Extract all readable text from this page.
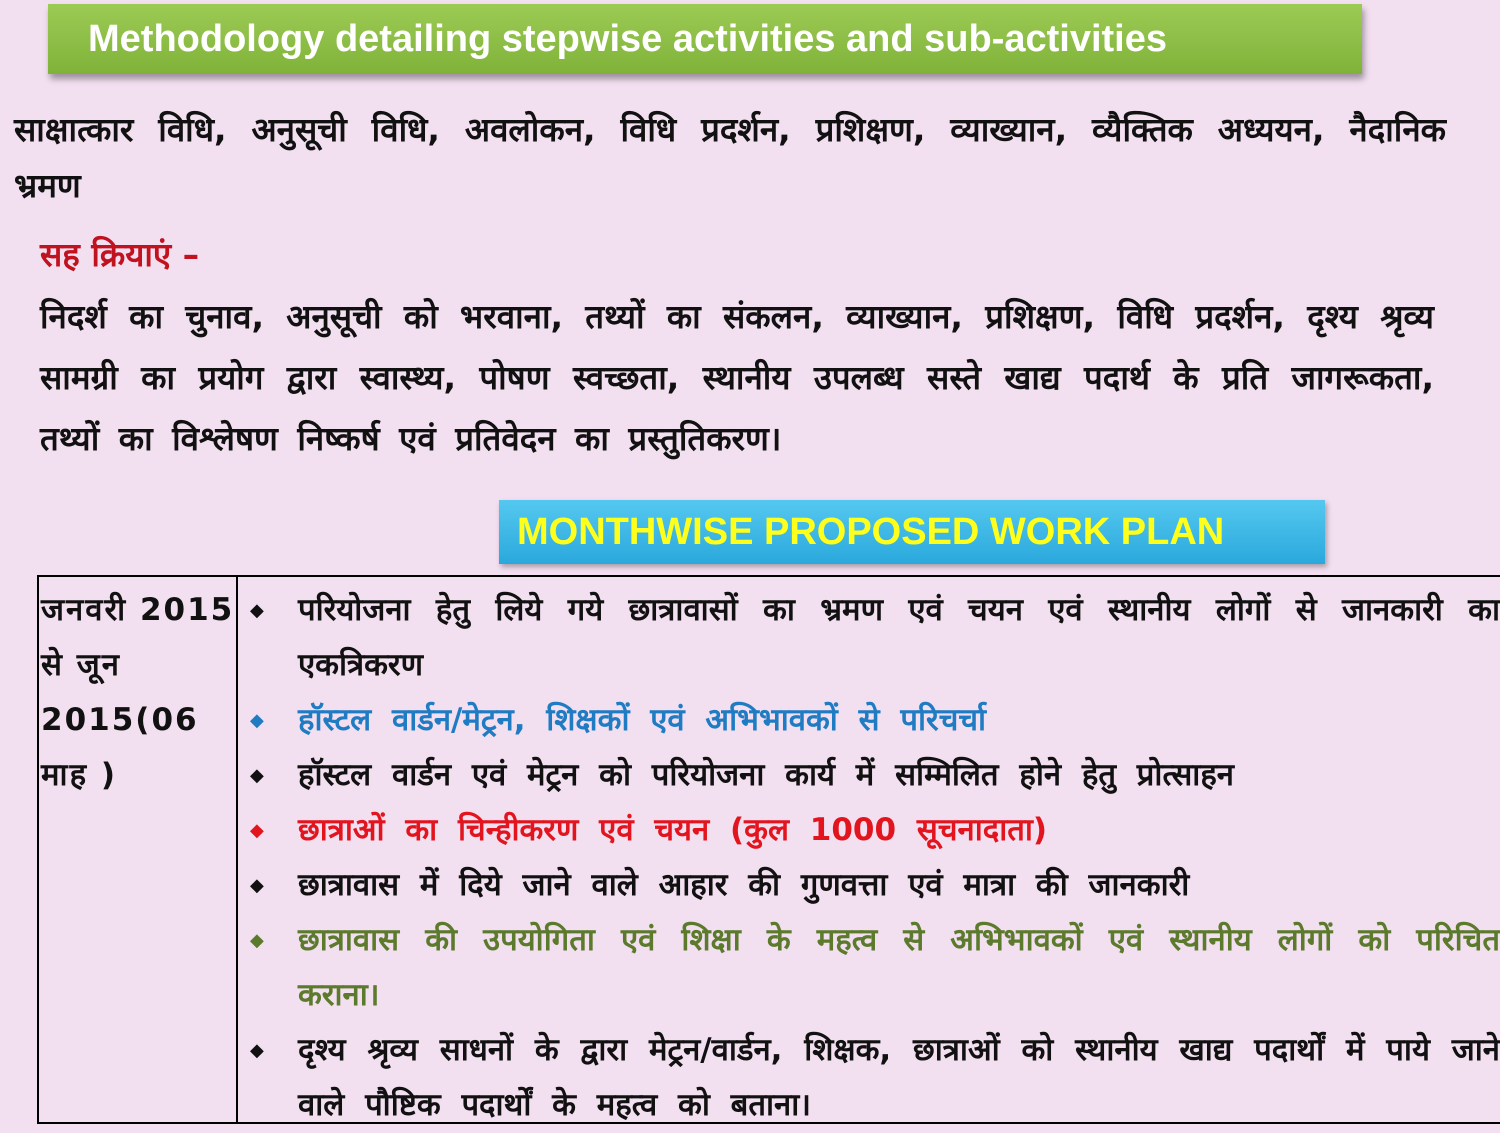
Methodology detailing stepwise activities and sub-activities
साक्षात्कार विधि, अनुसूची विधि, अवलोकन, विधि प्रदर्शन, प्रशिक्षण, व्याख्यान, व्यैक्तिक अध्ययन, नैदानिक भ्रमण
सह क्रियाएं –
निदर्श का चुनाव, अनुसूची को भरवाना, तथ्यों का संकलन, व्याख्यान, प्रशिक्षण, विधि प्रदर्शन, दृश्य श्रृव्य सामग्री का प्रयोग द्वारा स्वास्थ्य, पोषण स्वच्छता, स्थानीय उपलब्ध सस्ते खाद्य पदार्थ के प्रति जागरूकता, तथ्यों का विश्लेषण निष्कर्ष एवं प्रतिवेदन का प्रस्तुतिकरण।
MONTHWISE PROPOSED WORK PLAN
जनवरी 2015 से जून 2015(06 माह )
◆ परियोजना हेतु लिये गये छात्रावासों का भ्रमण एवं चयन एवं स्थानीय लोगों से जानकारी का एकत्रिकरण
◆ हॉस्टल वार्डन/मेट्रन, शिक्षकों एवं अभिभावकों से परिचर्चा
◆ हॉस्टल वार्डन एवं मेट्रन को परियोजना कार्य में सम्मिलित होने हेतु प्रोत्साहन
◆ छात्राओं का चिन्हीकरण एवं चयन (कुल 1000 सूचनादाता)
◆ छात्रावास में दिये जाने वाले आहार की गुणवत्ता एवं मात्रा की जानकारी
◆ छात्रावास की उपयोगिता एवं शिक्षा के महत्व से अभिभावकों एवं स्थानीय लोगों को परिचित कराना।
◆ दृश्य श्रृव्य साधनों के द्वारा मेट्रन/वार्डन, शिक्षक, छात्राओं को स्थानीय खाद्य पदार्थों में पाये जाने वाले पौष्टिक पदार्थों के महत्व को बताना।
